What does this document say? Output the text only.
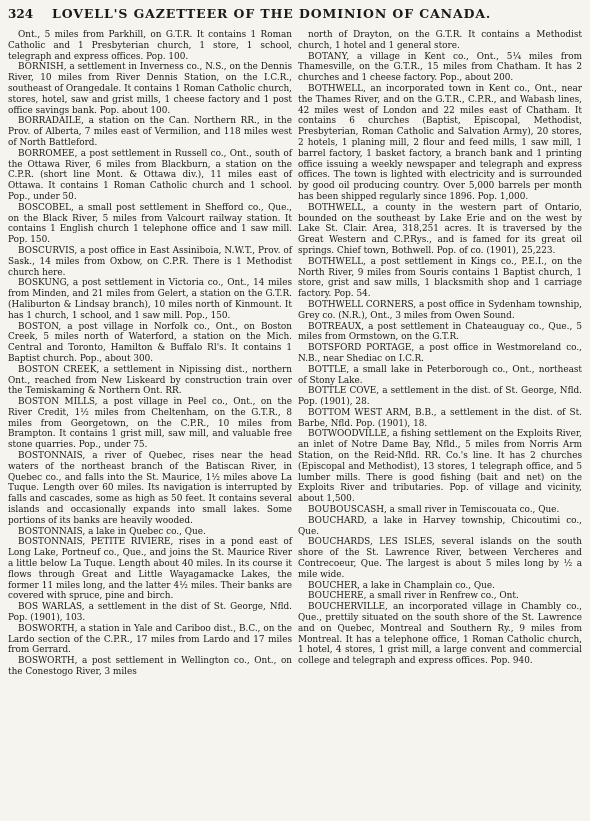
324	LOVELL'S GAZETTEER OF THE DOMINION OF CANADA.

Ont., 5 miles from Parkhill, on G.T.R. It contains 1 Roman Catholic and 1 Presbyterian church, 1 store, 1 school, telegraph and express offices. Pop. 100.

BORNISH, a settlement in Inverness co., N.S., on the Dennis River, 10 miles from River Dennis Station, on the I.C.R., southeast of Orangedale. It contains 1 Roman Catholic church, stores, hotel, saw and grist mills, 1 cheese factory and 1 post office savings bank. Pop. about 100.

BORRADAILE, a station on the Can. Northern RR., in the Prov. of Alberta, 7 miles east of Vermilion, and 118 miles west of North Battleford.

BORROMEE, a post settlement in Russell co., Ont., south of the Ottawa River, 6 miles from Blackburn, a station on the C.P.R. (short line Mont. & Ottawa div.), 11 miles east of Ottawa. It contains 1 Roman Catholic church and 1 school. Pop., under 50.

BOSCOBEL, a small post settlement in Shefford co., Que., on the Black River, 5 miles from Valcourt railway station. It contains 1 English church 1 telephone office and 1 saw mill. Pop. 150.

BOSCURVIS, a post office in East Assiniboia, N.W.T., Prov. of Sask., 14 miles from Oxbow, on C.P.R. There is 1 Methodist church here.

BOSKUNG, a post settlement in Victoria co., Ont., 14 miles from Minden, and 21 miles from Gelert, a station on the G.T.R. (Haliburton & Lindsay branch), 10 miles north of Kinmount. It has 1 church, 1 school, and 1 saw mill. Pop., 150.

BOSTON, a post village in Norfolk co., Ont., on Boston Creek, 5 miles north of Waterford, a station on the Mich. Central and Toronto, Hamilton & Buffalo Rl's. It contains 1 Baptist church. Pop., about 300.

BOSTON CREEK, a settlement in Nipissing dist., northern Ont., reached from New Liskeard by construction train over the Temiskaming & Northern Ont. RR.

BOSTON MILLS, a post village in Peel co., Ont., on the River Credit, 1½ miles from Cheltenham, on the G.T.R., 8 miles from Georgetown, on the C.P.R., 10 miles from Brampton. It contains 1 grist mill, saw mill, and valuable free stone quarries. Pop., under 75.

BOSTONNAIS, a river of Quebec, rises near the head waters of the northeast branch of the Batiscan River, in Quebec co., and falls into the St. Maurice, 1½ miles above La Tuque. Length over 60 miles. Its navigation is interrupted by falls and cascades, some as high as 50 feet. It contains several islands and occasionally expands into small lakes. Some portions of its banks are heavily wooded.

BOSTONNAIS, a lake in Quebec co., Que.

BOSTONNAIS, PETITE RIVIERE, rises in a pond east of Long Lake, Portneuf co., Que., and joins the St. Maurice River a little below La Tuque. Length about 40 miles. In its course it flows through Great and Little Wayagamacke Lakes, the former 11 miles long, and the latter 4½ miles. Their banks are covered with spruce, pine and birch.

BOS WARLAS, a settlement in the dist of St. George, Nfld. Pop. (1901), 103.

BOSWORTH, a station in Yale and Cariboo dist., B.C., on the Lardo section of the C.P.R., 17 miles from Lardo and 17 miles from Gerrard.

BOSWORTH, a post settlement in Wellington co., Ont., on the Conestogo River, 3 miles

north of Drayton, on the G.T.R. It contains a Methodist church, 1 hotel and 1 general store.

BOTANY, a village in Kent co., Ont., 5¼ miles from Thamesville, on the G.T.R., 15 miles from Chatham. It has 2 churches and 1 cheese factory. Pop., about 200.

BOTHWELL, an incorporated town in Kent co., Ont., near the Thames River, and on the G.T.R., C.P.R., and Wabash lines, 42 miles west of London and 22 miles east of Chatham. It contains 6 churches (Baptist, Episcopal, Methodist, Presbyterian, Roman Catholic and Salvation Army), 20 stores, 2 hotels, 1 planing mill, 2 flour and feed mills, 1 saw mill, 1 barrel factory, 1 basket factory, a branch bank and 1 printing office issuing a weekly newspaper and telegraph and express offices. The town is lighted with electricity and is surrounded by good oil producing country. Over 5,000 barrels per month has been shipped regularly since 1896. Pop. 1,000.

BOTHWELL, a county in the western part of Ontario, bounded on the southeast by Lake Erie and on the west by Lake St. Clair. Area, 318,251 acres. It is traversed by the Great Western and C.P.Rys., and is famed for its great oil springs. Chief town, Bothwell. Pop. of co. (1901), 25,223.

BOTHWELL, a post settlement in Kings co., P.E.I., on the North River, 9 miles from Souris contains 1 Baptist church, 1 store, grist and saw mills, 1 blacksmith shop and 1 carriage factory. Pop. 54.

BOTHWELL CORNERS, a post office in Sydenham township, Grey co. (N.R.), Ont., 3 miles from Owen Sound.

BOTREAUX, a post settlement in Chateauguay co., Que., 5 miles from Ormstown, on the G.T.R.

BOTSFORD PORTAGE, a post office in Westmoreland co., N.B., near Shediac on I.C.R.

BOTTLE, a small lake in Peterborough co., Ont., northeast of Stony Lake.

BOTTLE COVE, a settlement in the dist. of St. George, Nfld. Pop. (1901), 28.

BOTTOM WEST ARM, B.B., a settlement in the dist. of St. Barbe, Nfld. Pop. (1901), 18.

BOTWOODVILLE, a fishing settlement on the Exploits River, an inlet of Notre Dame Bay, Nfld., 5 miles from Norris Arm Station, on the Reid-Nfld. RR. Co.'s line. It has 2 churches (Episcopal and Methodist), 13 stores, 1 telegraph office, and 5 lumber mills. There is good fishing (bait and net) on the Exploits River and tributaries. Pop. of village and vicinity, about 1,500.

BOUBOUSCASH, a small river in Temiscouata co., Que.

BOUCHARD, a lake in Harvey township, Chicoutimi co., Que.

BOUCHARDS, LES ISLES, several islands on the south shore of the St. Lawrence River, between Vercheres and Contrecoeur, Que. The largest is about 5 miles long by ½ a mile wide.

BOUCHER, a lake in Champlain co., Que.

BOUCHERE, a small river in Renfrew co., Ont.

BOUCHERVILLE, an incorporated village in Chambly co., Que., prettily situated on the south shore of the St. Lawrence and on Quebec, Montreal and Southern Ry., 9 miles from Montreal. It has a telephone office, 1 Roman Catholic church, 1 hotel, 4 stores, 1 grist mill, a large convent and commercial college and telegraph and express offices. Pop. 940.
